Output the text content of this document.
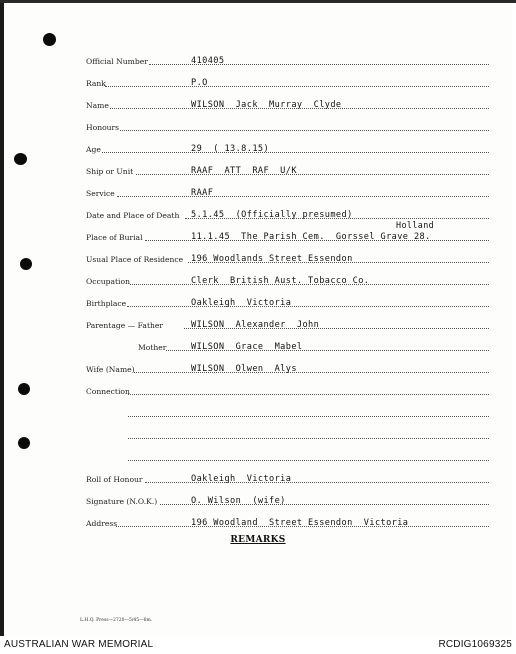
Official Number	410405
Rank	P.O
Name	WILSON  Jack  Murray  Clyde
Honours
Age	29  ( 13.8.15)
Ship or Unit	RAAF  ATT  RAF  U/K
Service	RAAF
Date and Place of Death 5.1.45  (Officially presumed)
Place of Burial	11.1.45  The Parish Cem.  Gorssel Grave 28.
Holland
Usual Place of Residence 196 Woodlands Street Essendon
Occupation	Clerk  British Aust. Tobacco Co.
Birthplace	Oakleigh  Victoria
Parentage — Father	WILSON  Alexander  John
Mother	WILSON  Grace  Mabel
Wife (Name)	WILSON  Olwen  Alys
Connection
Roll of Honour	Oakleigh  Victoria
Signature (N.O.K.)	O. Wilson  (wife)
Address	196 Woodland  Street Essendon  Victoria
REMARKS
L.H.Q. Press—2720—5/45—6m.
AUSTRALIAN WAR MEMORIAL	RCDIG1069325
